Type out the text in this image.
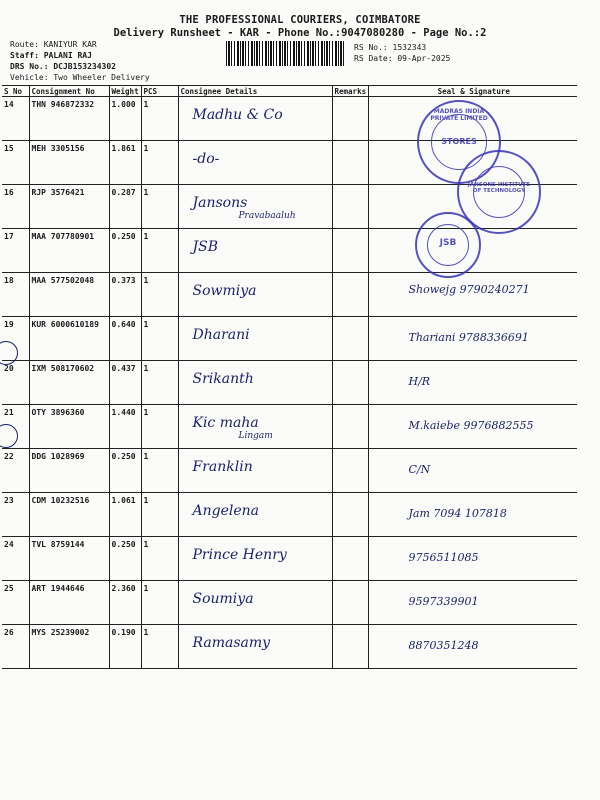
THE PROFESSIONAL COURIERS, COIMBATORE
Delivery Runsheet - KAR - Phone No.:9047080280 - Page No.:2
Route: KANIYUR KAR
Staff: PALANI RAJ
DRS No.: DCJB153234302
Vehicle: Two Wheeler Delivery
RS No.: 1532343
RS Date: 09-Apr-2025
S No	Consignment No	Weight	PCS	Consignee Details	Remarks	Seal & Signature
14	THN 946872332	1.000	1	Madhu & Co		

15	MEH 3305156	1.861	1	-do-		

16	RJP 3576421	0.287	1	Jansons
Pravabaaluh		

17	MAA 707780901	0.250	1	JSB		

18	MAA 577502048	0.373	1	Sowmiya		Showejg 9790240271

19	KUR 6000610189	0.640	1	Dharani		Thariani 9788336691

20	IXM 508170602	0.437	1	Srikanth		H/R

21	OTY 3896360	1.440	1	Kic maha
Lingam		M.kaiebe 9976882555

22	DDG 1028969	0.250	1	Franklin		C/N

23	CDM 10232516	1.061	1	Angelena		Jam 7094 107818

24	TVL 8759144	0.250	1	Prince Henry		9756511085

25	ART 1944646	2.360	1	Soumiya		9597339901

26	MYS 25239002	0.190	1	Ramasamy		8870351248
MADRAS INDIA PRIVATE LIMITED
STORES
JANSONS INSTITUTE OF TECHNOLOGY
JSB
